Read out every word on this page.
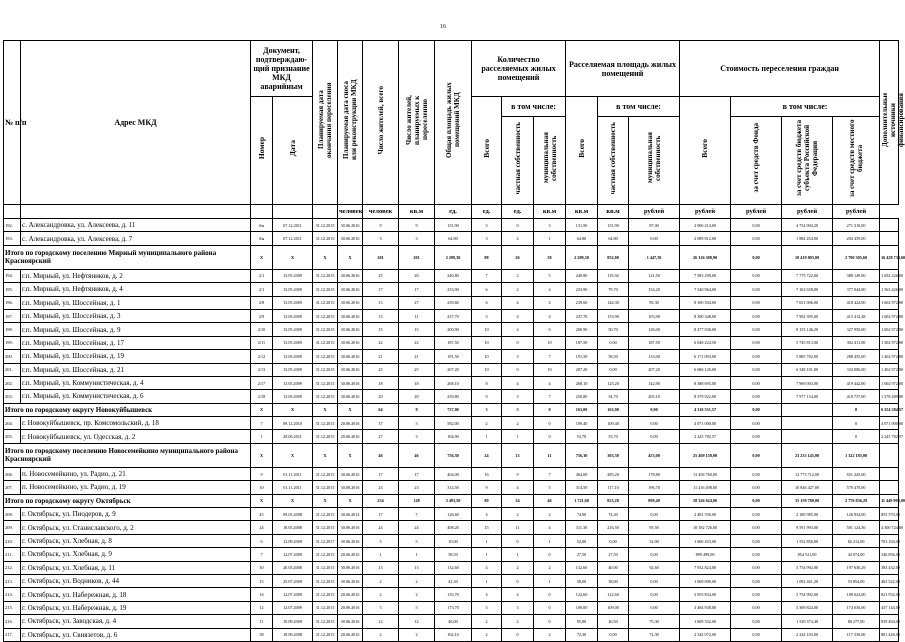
16
№ п/п	Адрес МКД	Документ, подтверждаю-щий признание МКД аварийным		Планируемая дата окончания переселения	Планируемая дата сноса или реконструкции МКД	Число жителей, всего	Число жителей, планируемых к переселению	Общая площадь жилых помещений МКД	Количество расселяемых жилых помещений			Расселяемая площадь жилых помещений			Стоимость переселения граждан				Дополнительные источники финансирования
		Номер	Дата						Всего	в том числе:		Всего	в том числе:		Всего	в том числе:			
										частная собственность	муниципальная собственность		частная собственность	муниципальная собственность		за счет средств Фонда	за счет средств бюджета субъекта Российской Федерации	за счет средств местного бюджета	
					человек	человек	кв.м	ед.	ед.	ед.	кв.м	кв.м	кв.м	рублей	рублей	рублей	рублей	рублей	
192.	с. Александровка, ул. Алексеева, д. 11	б/н	07.12.2011	31.12.2015	30.06.2016	9	9	131,90	3	0	3	131,90	131,90	87,00	2 006 214,00	0,00	4 734 904,20	271 310,00	
193.	с. Александровка, ул. Алексеева, д. 7	б/н	07.12.2011	31.12.2015	30.06.2016	3	3	64,80	3	2	1	64,80	64,80	0,00	2 089 812,00	0,00	1 884 454,00	204 459,00	
Итого по городскому поселению Мирный муниципального района Красноярский		X	X	X	X	201	201	2 299,30	88	26	58	2 299,30	852,80	1 447,50	26 126 308,90	0,00	10 419 803,00	2 790 305,60	16 428 738,60
194.	г.п. Мирный, ул. Нефтяников, д. 2	2/1	13.05.2009	31.12.2015	30.06.2016	25	20	240,80	7	2	5	240,80	119,30	121,50	7 583 290,00	0,00	7 775 722,00	388 149,00	1 654 226,00
195.	г.п. Мирный, ул. Нефтяников, д. 4	2/1	13.05.2009	31.12.2015	30.06.2016	17	17	233,90	6	2	4	233,90	79,70	154,20	7 340 964,00	0,00	7 163 658,00	377 044,00	1 563 426,00
196.	г.п. Мирный, ул. Шоссейная, д. 1	2/8	13.05.2009	31.12.2015	30.06.2016	13	27	239,60	6	4	2	239,60	144,30	95,30	8 300 504,00	0,00	7 651 006,00	418 424,00	1 602 972,00
197.	г.п. Мирный, ул. Шоссейная, д. 3	2/9	13.05.2009	31.12.2015	30.06.2016	13	11	237,70	3	4	4	237,70	153,90	103,90	8 300 348,00	0,00	7 902 395,00	415 412,48	1 602 972,00
198.	г.п. Мирный, ул. Шоссейная, д. 9	2/10	13.05.2009	31.12.2015	30.06.2016	15	15	200,90	10	4	6	200,90	50,70	126,00	8 477 036,00	0,00	8 153 146,20	327 950,00	1 602 972,00
199.	г.п. Мирный, ул. Шоссейная, д. 17	2/11	13.05.2009	31.12.2015	30.06.2016	22	22	187,50	10	0	10	187,50	0,00	187,50	6 048 224,50	0,00	5 745 813,00	302 411,00	1 302 972,00
200.	г.п. Мирный, ул. Шоссейная, д. 19	2/12	13.05.2009	31.12.2015	30.06.2016	21	21	191,50	10	3	7	191,50	58,50	133,00	6 171 093,00	0,00	5 885 702,00	288 455,00	1 402 972,00
201.	г.п. Мирный, ул. Шоссейная, д. 21	2/13	13.05.2009	31.12.2015	30.06.2016	25	25	207,20	10	0	10	207,20	0,00	207,20	6 686 126,00	0,00	6 348 101,00	334 006,00	1 402 972,00
202.	г.п. Мирный, ул. Коммунистическая, д. 4	2/17	13.05.2009	31.12.2015	30.06.2016	18	18	268,10	8	4	4	268,10	125,20	142,90	8 388 693,00	0,00	7 969 003,00	419 442,00	1 002 972,00
203.	г.п. Мирный, ул. Коммунистическая, д. 6	2/18	13.05.2009	31.12.2015	30.06.2016	20	20	250,80	9	3	7	250,80	54,70	205,10	8 379 922,00	0,00	7 977 154,00	418 737,00	1 278 280,00
Итого по городскому округу Новокуйбышевск		X	X	X	X	64	8	737,00	3	3	0	163,00	163,00	0,00	4 316 551,57	0,00		0	6 254 384,57
204.	г. Новокуйбышевск, пр. Комсомольский, д. 18	7	09.12.2010	31.12.2015	20.06.2016	37	3	582,00	2	2	0	109,40	109,40	0,00	4 071 000,00	0,00		0	4 071 000,00
205.	г. Новокуйбышевск, ул. Одесская, д. 2	1	28.06.2011	31.12.2015	20.06.2016	27	3	104,90	1	1	0	53,70	53,70	0,00	2 245 782,57	0,00		0	2 245 782,57
Итого по городскому поселению Новосемейкино муниципального района Красноярский		X	X	X	X	46	46	756,30	24	13	11	756,30	303,30	453,00	25 469 158,00	0,00	23 233 145,00	1 322 185,00	
206.	п. Новосемейкино, ул. Радио, д. 21	9	01.11.2011	31.12.2015	30.06.2016	17	17	464,00	16	9	7	464,00	285,20	178,80	13 494 760,00	0,00	12 773 712,00	651 245,00	
207.	п. Новосемейкино, ул. Радио, д. 19	10	01.11.2011	31.12.2015	30.08.2016	23	23	314,50	9	4	5	314,50	117,10	196,70	11 416 498,00	0,00	10 846 427,00	570 470,00	
Итого по городскому округу Октябрьск		X	X	X	X	234	148	3 493,50	80	34	46	1 721,60	823,20	899,40	58 326 624,00	0,00	35 159 780,00	2 776 836,29	11 449 998,00
208.	г. Октябрьск, ул. Пиодеров, д. 9	45	09.03.2008	31.12.2015	30.06.2014	17	7	126,60	4	2	2	74,90	74,30	0,00	2 481 550,00	0,00	2 180 985,00	126 934,00	855 570,00
209.	г. Октябрьск, ул. Станиславского, д. 2	24	18.05.2008	31.12.2015	30.06.2016	24	24	408,20	15	11	4	311,30	216,50	95,50	10 182 726,00	0,00	9 591 993,00	501 124,36	4 300 724,00
210.	г. Октябрьск, ул. Хлебная, д. 8	6	12.09.2009	31.12.2017	30.06.2016	5	5	10,00	1	0	1	52,00	0,00	52,00	1 606 453,00	0,00	1 552 856,00	82 212,00	703 104,00
211.	г. Октябрьск, ул. Хлебная, д. 9	7	12.07.2009	31.12.2015	20.06.2016	1	1	58,50	1	1	0	27,50	27,50	0,00	899 499,00	0,00	854 521,00	44 974,00	346 856,00
212.	г. Октябрьск, ул. Хлебная, д. 11	30	20.05.2008	31.12.2015	30.06.2016	13	13	132,60	4	2	2	132,60	40,00	92,60	7 932 824,00	0,00	3 754 992,00	197 636,29	383 432,00
213.	г. Октябрьск, ул. Водников, д. 44	15	25.07.2009	31.12.2015	30.06.2016	2	2	42,30	1	0	1	38,00	38,00	0,00	1 069 090,00	0,00	1 092 461,20	53 854,00	463 522,00
214.	г. Октябрьск, ул. Набережная, д. 18	16	12.07.2009	31.12.2015	20.06.2016	2	2	135,70	4	4	0	122,60	122,60	0,00	3 955 834,00	0,00	3 754 992,00	189 624,00	821 932,00
215.	г. Октябрьск, ул. Набережная, д. 19	12	12.07.2009	31.12.2015	20.06.2016	5	5	173,70	3	3	0	109,00	109,00	0,00	3 484 938,00	0,00	3 309 824,00	174 036,00	437 144,00
216.	г. Октябрьск, ул. Заводская, д. 4	11	10.09.2009	31.12.2015	30.06.2016	12	12	46,00	2	2	0	95,80	20,50	75,30	1 609 332,00	0,00	1 529 374,40	80 277,00	839 494,00
217.	г. Октябрьск, ул. Свиязетов, д. 6	38	18.09.2008	31.12.2015	20.06.2016	2	2	102,10	2	0	2	72,30	0,00	72,30	2 342 072,00	0,00	2 224 103,00	117 330,00	801 426,00
